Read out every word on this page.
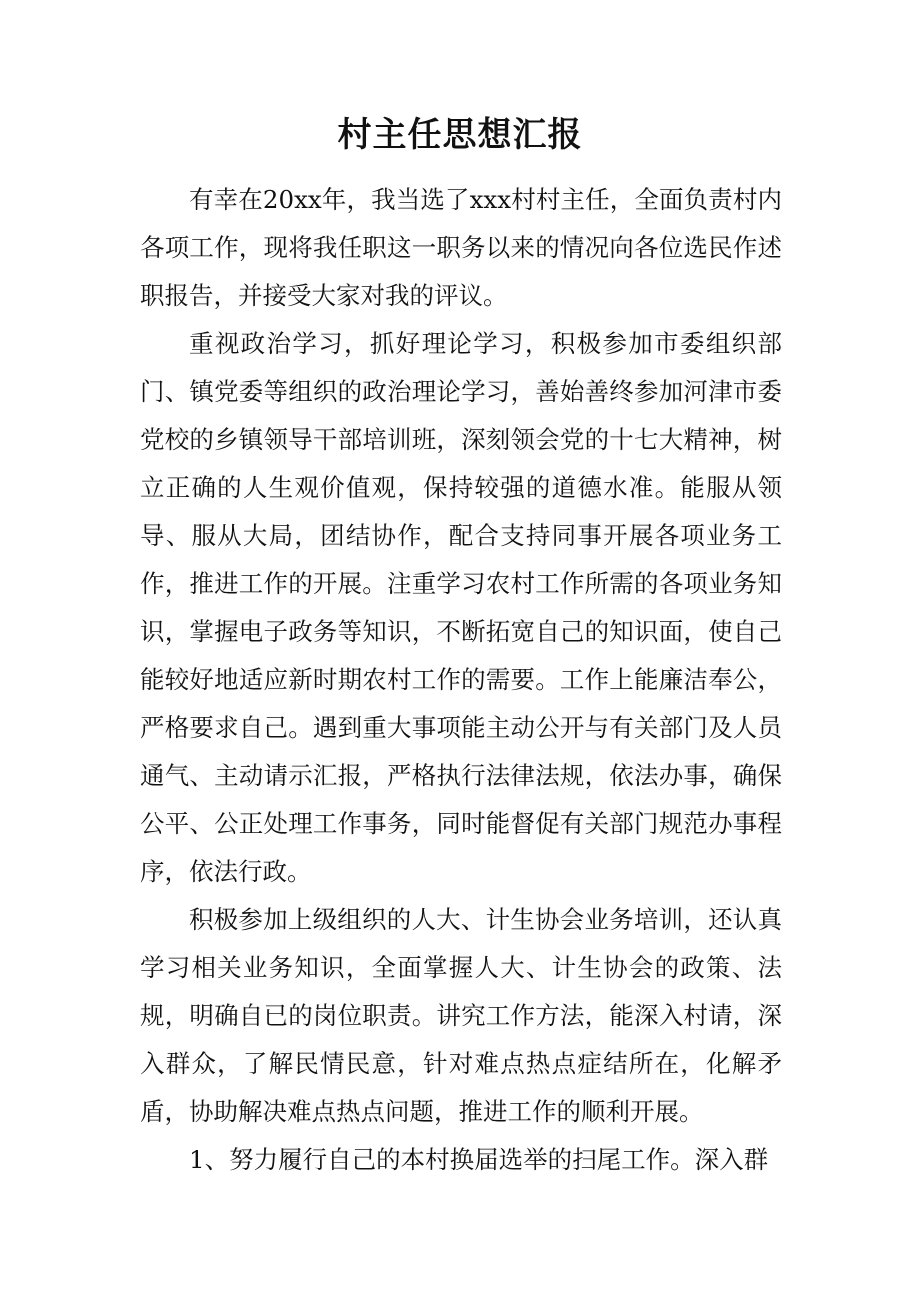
村主任思想汇报

有幸在20xx年，我当选了xxx村村主任，全面负责村内各项工作，现将我任职这一职务以来的情况向各位选民作述职报告，并接受大家对我的评议。

重视政治学习，抓好理论学习，积极参加市委组织部门、镇党委等组织的政治理论学习，善始善终参加河津市委党校的乡镇领导干部培训班，深刻领会党的十七大精神，树立正确的人生观价值观，保持较强的道德水准。能服从领导、服从大局，团结协作，配合支持同事开展各项业务工作，推进工作的开展。注重学习农村工作所需的各项业务知识，掌握电子政务等知识，不断拓宽自己的知识面，使自己能较好地适应新时期农村工作的需要。工作上能廉洁奉公，严格要求自己。遇到重大事项能主动公开与有关部门及人员通气、主动请示汇报，严格执行法律法规，依法办事，确保公平、公正处理工作事务，同时能督促有关部门规范办事程序，依法行政。

积极参加上级组织的人大、计生协会业务培训，还认真学习相关业务知识，全面掌握人大、计生协会的政策、法规，明确自已的岗位职责。讲究工作方法，能深入村请，深入群众，了解民情民意，针对难点热点症结所在，化解矛盾，协助解决难点热点问题，推进工作的顺利开展。

1、努力履行自己的本村换届选举的扫尾工作。深入群
